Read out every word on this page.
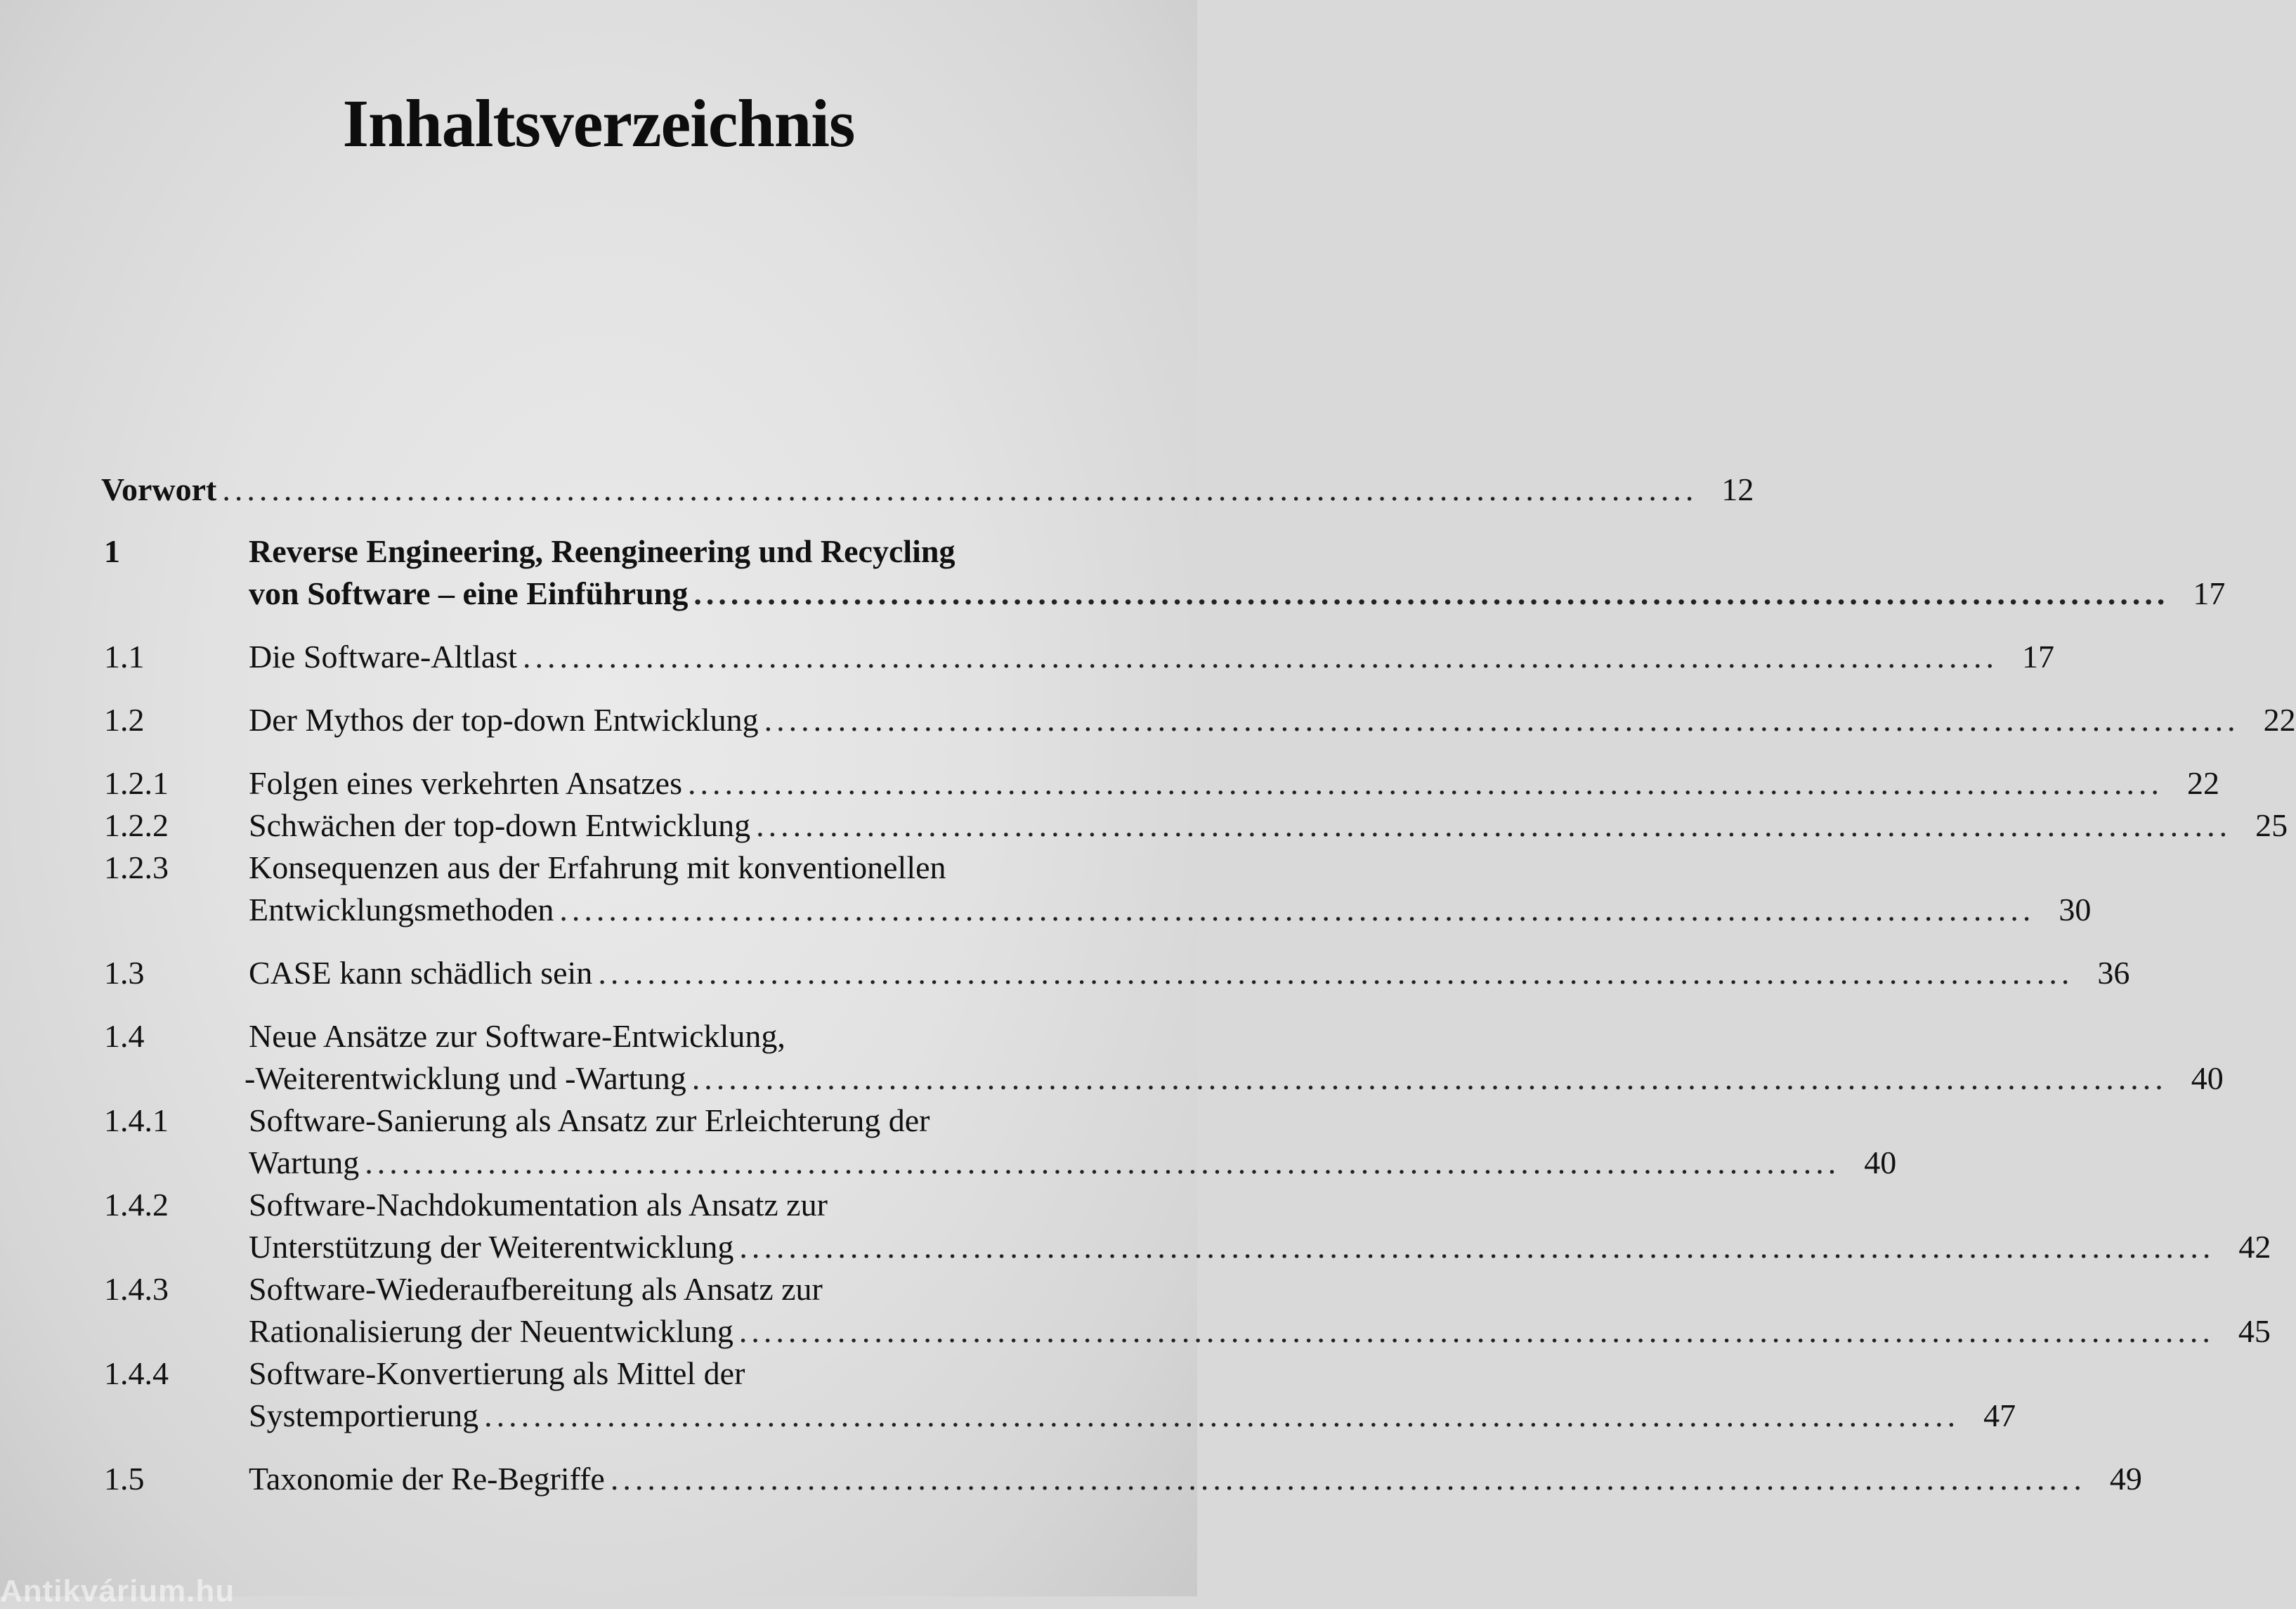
Inhaltsverzeichnis
Vorwort ........................................................................................................................ 12
1	Reverse Engineering, Reengineering und Recycling
von Software – eine Einführung ........................................................................................................................ 17
1.1	Die Software-Altlast ........................................................................................................................ 17
1.2	Der Mythos der top-down Entwicklung ........................................................................................................................ 22
1.2.1 Folgen eines verkehrten Ansatzes ........................................................................................................................ 22
1.2.2 Schwächen der top-down Entwicklung ........................................................................................................................ 25
1.2.3 Konsequenzen aus der Erfahrung mit konventionellen
Entwicklungsmethoden ........................................................................................................................ 30
1.3	CASE kann schädlich sein ........................................................................................................................ 36
1.4	Neue Ansätze zur Software-Entwicklung,
-Weiterentwicklung und -Wartung ........................................................................................................................ 40
1.4.1 Software-Sanierung als Ansatz zur Erleichterung der
Wartung ........................................................................................................................ 40
1.4.2 Software-Nachdokumentation als Ansatz zur
Unterstützung der Weiterentwicklung ........................................................................................................................ 42
1.4.3 Software-Wiederaufbereitung als Ansatz zur
Rationalisierung der Neuentwicklung ........................................................................................................................ 45
1.4.4 Software-Konvertierung als Mittel der
Systemportierung ........................................................................................................................ 47
1.5	Taxonomie der Re-Begriffe ........................................................................................................................ 49
Antikvárium.hu
